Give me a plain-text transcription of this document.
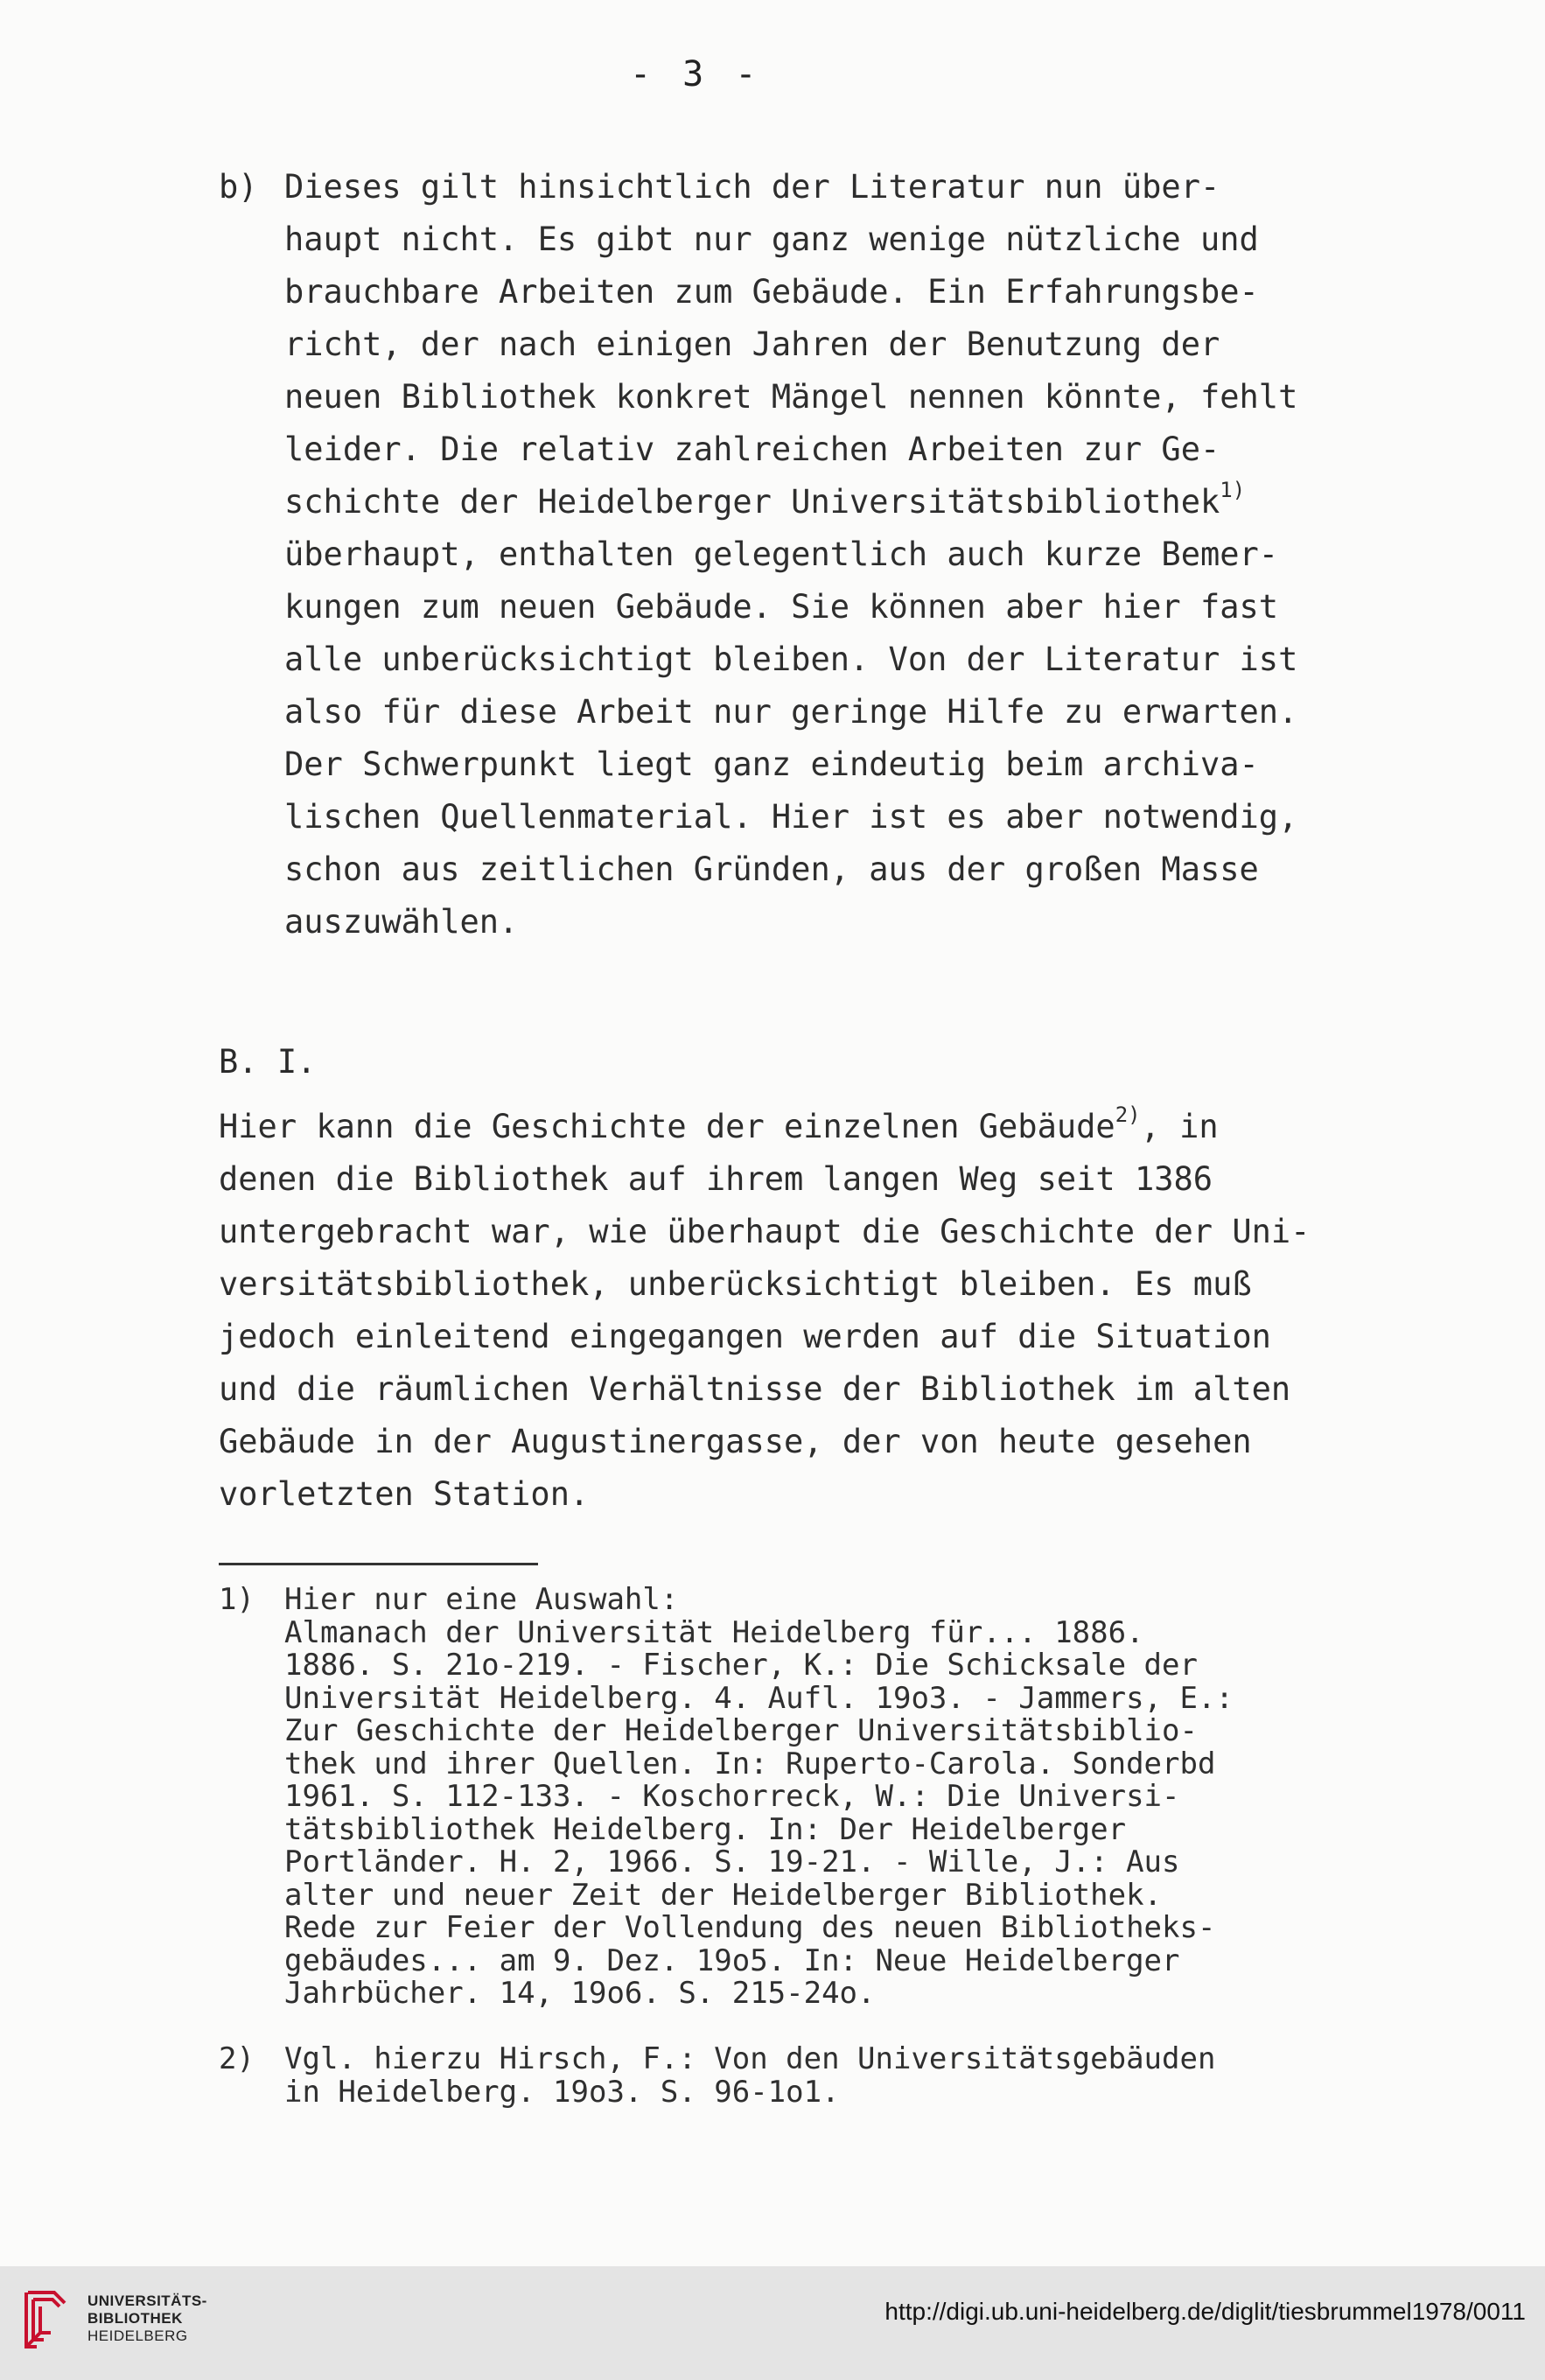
- 3 -
b) Dieses gilt hinsichtlich der Literatur nun über-
haupt nicht. Es gibt nur ganz wenige nützliche und
brauchbare Arbeiten zum Gebäude. Ein Erfahrungsbe-
richt, der nach einigen Jahren der Benutzung der
neuen Bibliothek konkret Mängel nennen könnte, fehlt
leider. Die relativ zahlreichen Arbeiten zur Ge-
schichte der Heidelberger Universitätsbibliothek$^{1)}$
überhaupt, enthalten gelegentlich auch kurze Bemer-
kungen zum neuen Gebäude. Sie können aber hier fast
alle unberücksichtigt bleiben. Von der Literatur ist
also für diese Arbeit nur geringe Hilfe zu erwarten.
Der Schwerpunkt liegt ganz eindeutig beim archiva-
lischen Quellenmaterial. Hier ist es aber notwendig,
schon aus zeitlichen Gründen, aus der großen Masse
auszuwählen.
B. I.
Hier kann die Geschichte der einzelnen Gebäude$^{2)}$, in
denen die Bibliothek auf ihrem langen Weg seit 1386
untergebracht war, wie überhaupt die Geschichte der Uni-
versitätsbibliothek, unberücksichtigt bleiben. Es muß
jedoch einleitend eingegangen werden auf die Situation
und die räumlichen Verhältnisse der Bibliothek im alten
Gebäude in der Augustinergasse, der von heute gesehen
vorletzten Station.
1) Hier nur eine Auswahl:
Almanach der Universität Heidelberg für... 1886.
1886. S. 21o-219. - Fischer, K.: Die Schicksale der
Universität Heidelberg. 4. Aufl. 19o3. - Jammers, E.:
Zur Geschichte der Heidelberger Universitätsbiblio-
thek und ihrer Quellen. In: Ruperto-Carola. Sonderbd
1961. S. 112-133. - Koschorreck, W.: Die Universi-
tätsbibliothek Heidelberg. In: Der Heidelberger
Portländer. H. 2, 1966. S. 19-21. - Wille, J.: Aus
alter und neuer Zeit der Heidelberger Bibliothek.
Rede zur Feier der Vollendung des neuen Bibliotheks-
gebäudes... am 9. Dez. 19o5. In: Neue Heidelberger
Jahrbücher. 14, 19o6. S. 215-24o.
2) Vgl. hierzu Hirsch, F.: Von den Universitätsgebäuden
in Heidelberg. 19o3. S. 96-1o1.
UNIVERSITÄTS-
BIBLIOTHEK
HEIDELBERG
http://digi.ub.uni-heidelberg.de/diglit/tiesbrummel1978/0011
